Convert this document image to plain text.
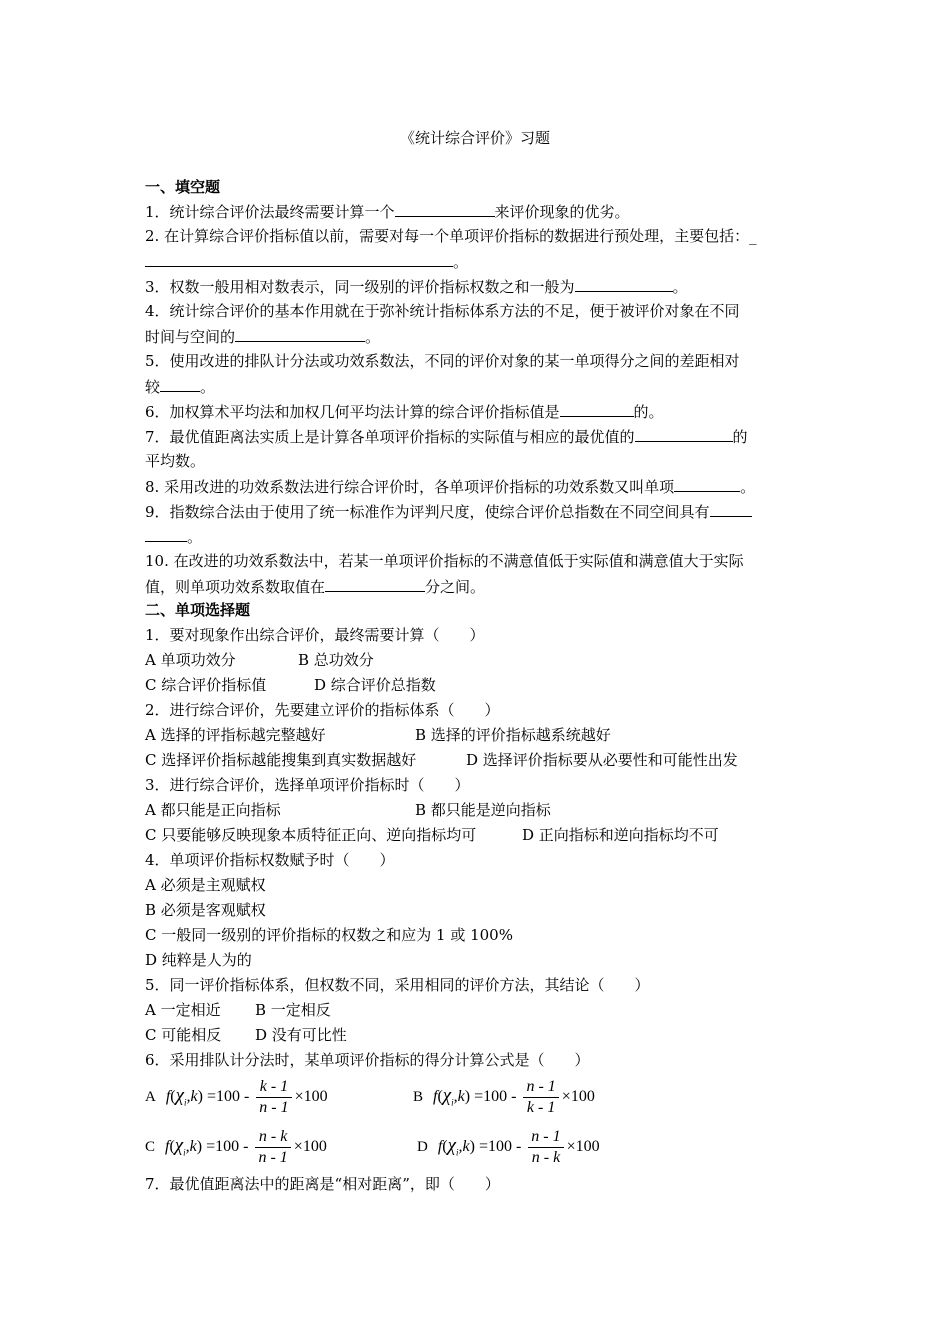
《统计综合评价》习题
一、填空题
1．统计综合评价法最终需要计算一个	来评价现象的优劣。
2. 在计算综合评价指标值以前，需要对每一个单项评价指标的数据进行预处理，主要包括：_
。
3．权数一般用相对数表示，同一级别的评价指标权数之和一般为	。
4．统计综合评价的基本作用就在于弥补统计指标体系方法的不足，便于被评价对象在不同
时间与空间的	。
5．使用改进的排队计分法或功效系数法，不同的评价对象的某一单项得分之间的差距相对
较	。
6．加权算术平均法和加权几何平均法计算的综合评价指标值是	的。
7．最优值距离法实质上是计算各单项评价指标的实际值与相应的最优值的	的
平均数。
8. 采用改进的功效系数法进行综合评价时，各单项评价指标的功效系数又叫单项	。
9．指数综合法由于使用了统一标准作为评判尺度，使综合评价总指数在不同空间具有
。
10. 在改进的功效系数法中，若某一单项评价指标的不满意值低于实际值和满意值大于实际
值，则单项功效系数取值在	分之间。
二、单项选择题
1．要对现象作出综合评价，最终需要计算（　　）
A 单项功效分	B 总功效分
C 综合评价指标值	D 综合评价总指数
2．进行综合评价，先要建立评价的指标体系（　　）
A 选择的评指标越完整越好	B 选择的评价指标越系统越好
C 选择评价指标越能搜集到真实数据越好	D 选择评价指标要从必要性和可能性出发
3．进行综合评价，选择单项评价指标时（　　）
A 都只能是正向指标	B 都只能是逆向指标
C 只要能够反映现象本质特征正向、逆向指标均可	D 正向指标和逆向指标均不可
4．单项评价指标权数赋予时（　　）
A 必须是主观赋权
B 必须是客观赋权
C 一般同一级别的评价指标的权数之和应为 1 或 100%
D 纯粹是人为的
5．同一评价指标体系，但权数不同，采用相同的评价方法，其结论（　　）
A 一定相近 B 一定相反
C 可能相反 D 没有可比性
6．采用排队计分法时，某单项评价指标的得分计算公式是（　　）
A $f(\chi_i,k) =100 - \frac{k - 1}{n - 1} \times 100$	B $f(\chi_i,k) =100 - \frac{n - 1}{k - 1} \times 100$
C $f(\chi_i,k) =100 - \frac{n - k}{n - 1} \times 100$	D $f(\chi_i,k) =100 - \frac{n - 1}{n - k} \times 100$
7．最优值距离法中的距离是“相对距离”，即（　　）
